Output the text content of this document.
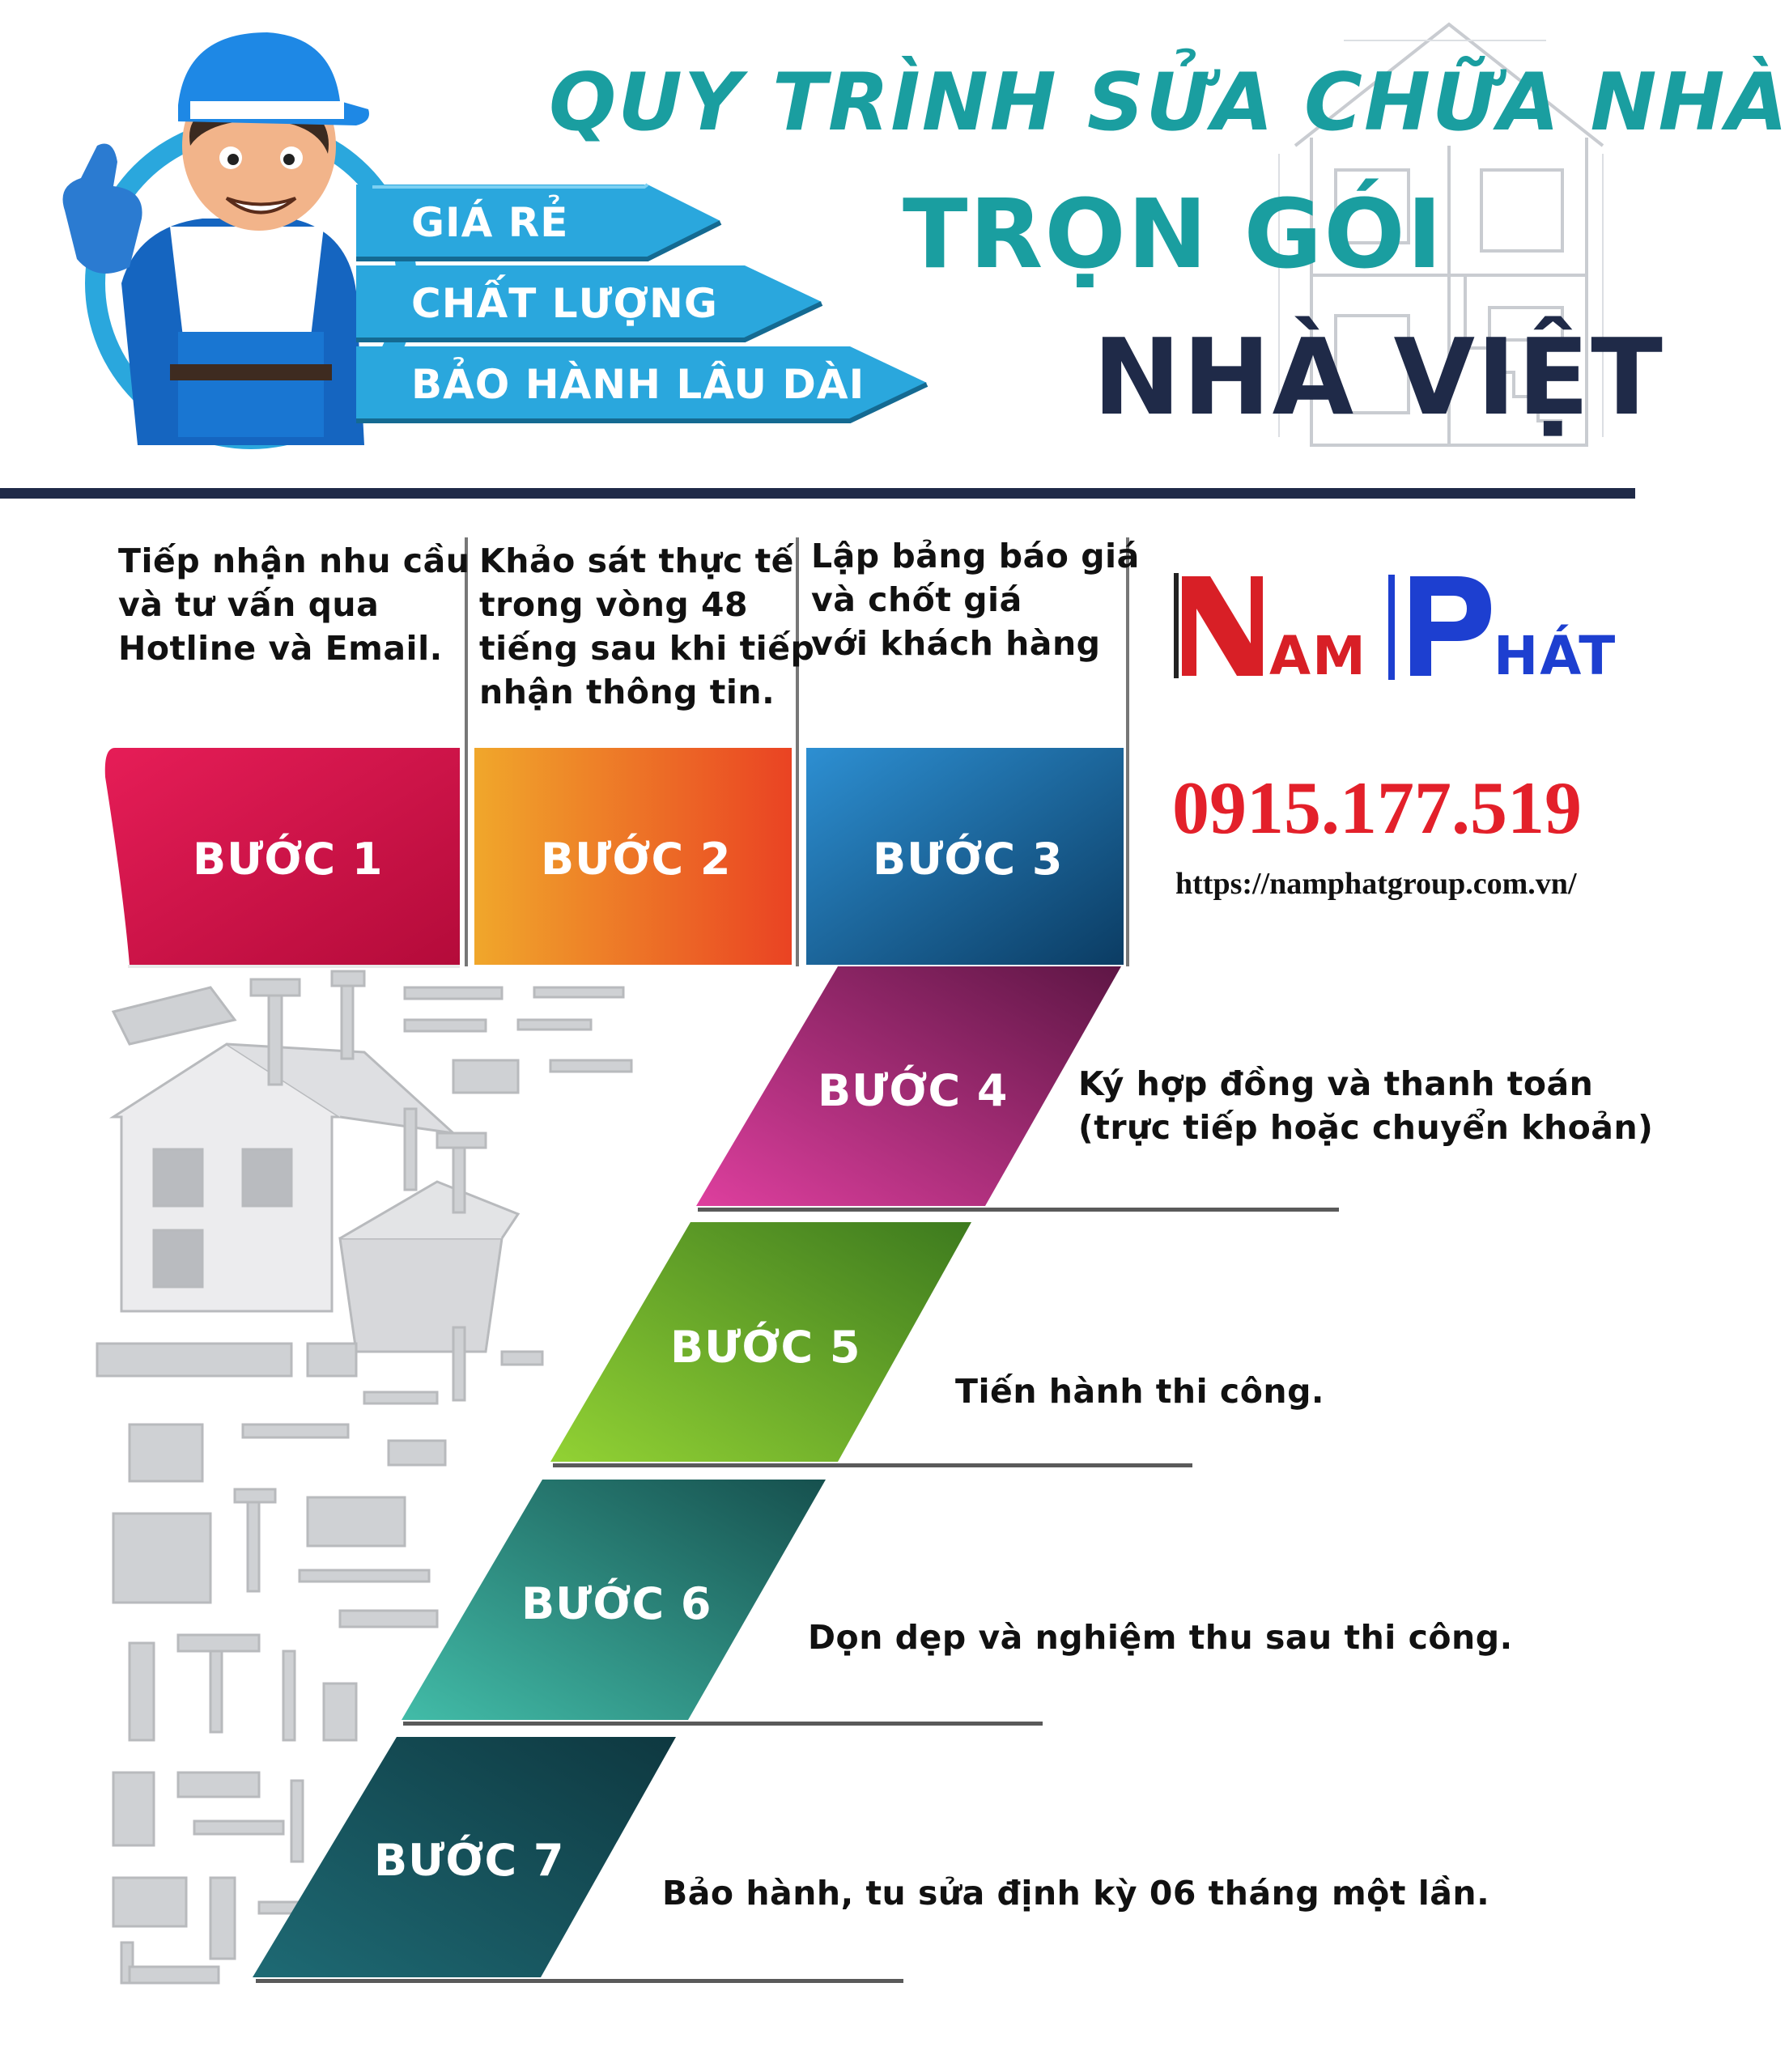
GIÁ RẺ
CHẤT LƯỢNG
BẢO HÀNH LÂU DÀI
QUY TRÌNH SỬA CHỮA NHÀ
TRỌN GÓI
NHÀ VIỆT
Tiếp nhận nhu cầu
và tư vấn qua
Hotline và Email.
Khảo sát thực tế
trong vòng 48
tiếng sau khi tiếp
nhận thông tin.
Lập bảng báo giá
và chốt giá
với khách hàng	AM HÁT
0915.177.519
https://namphatgroup.com.vn/
BƯỚC 1	BƯỚC 2	BƯỚC 3
BƯỚC 4
BƯỚC 5
BƯỚC 6
BƯỚC 7
Ký hợp đồng và thanh toán
(trực tiếp hoặc chuyển khoản)
Tiến hành thi công.
Dọn dẹp và nghiệm thu sau thi công.
Bảo hành, tu sửa định kỳ 06 tháng một lần.
